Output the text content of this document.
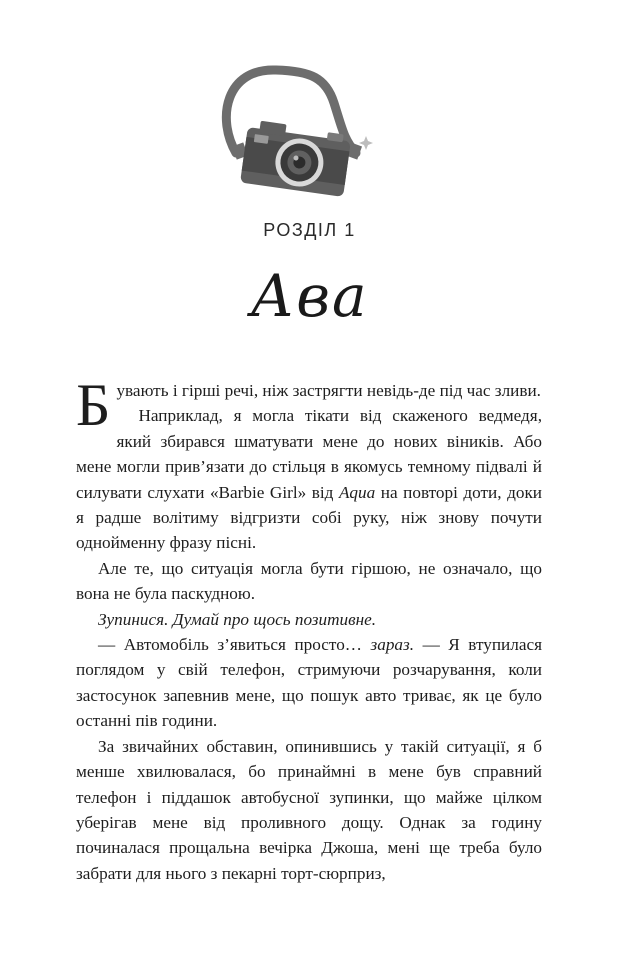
РОЗДІЛ 1
Ава

Бувають і гірші речі, ніж застрягти невідь-де під час зливи.

Наприклад, я могла тікати від скаженого ведмедя, який збирався шматувати мене до нових віників. Або мене могли прив’язати до стільця в якомусь темному підвалі й силувати слухати «Barbie Girl» від Aqua на повторі доти, доки я радше волітиму відгризти собі руку, ніж знову почути однойменну фразу пісні.

Але те, що ситуація могла бути гіршою, не означало, що вона не була паскудною.

Зупинися. Думай про щось позитивне.

— Автомобіль з’явиться просто… зараз. — Я втупилася поглядом у свій телефон, стримуючи розчарування, коли застосунок запевнив мене, що пошук авто триває, як це було останні пів години.

За звичайних обставин, опинившись у такій ситуації, я б менше хвилювалася, бо принаймні в мене був справний телефон і піддашок автобусної зупинки, що майже цілком уберігав мене від проливного дощу. Однак за годину починалася прощальна вечірка Джоша, мені ще треба було забрати для нього з пекарні торт-сюрприз,
